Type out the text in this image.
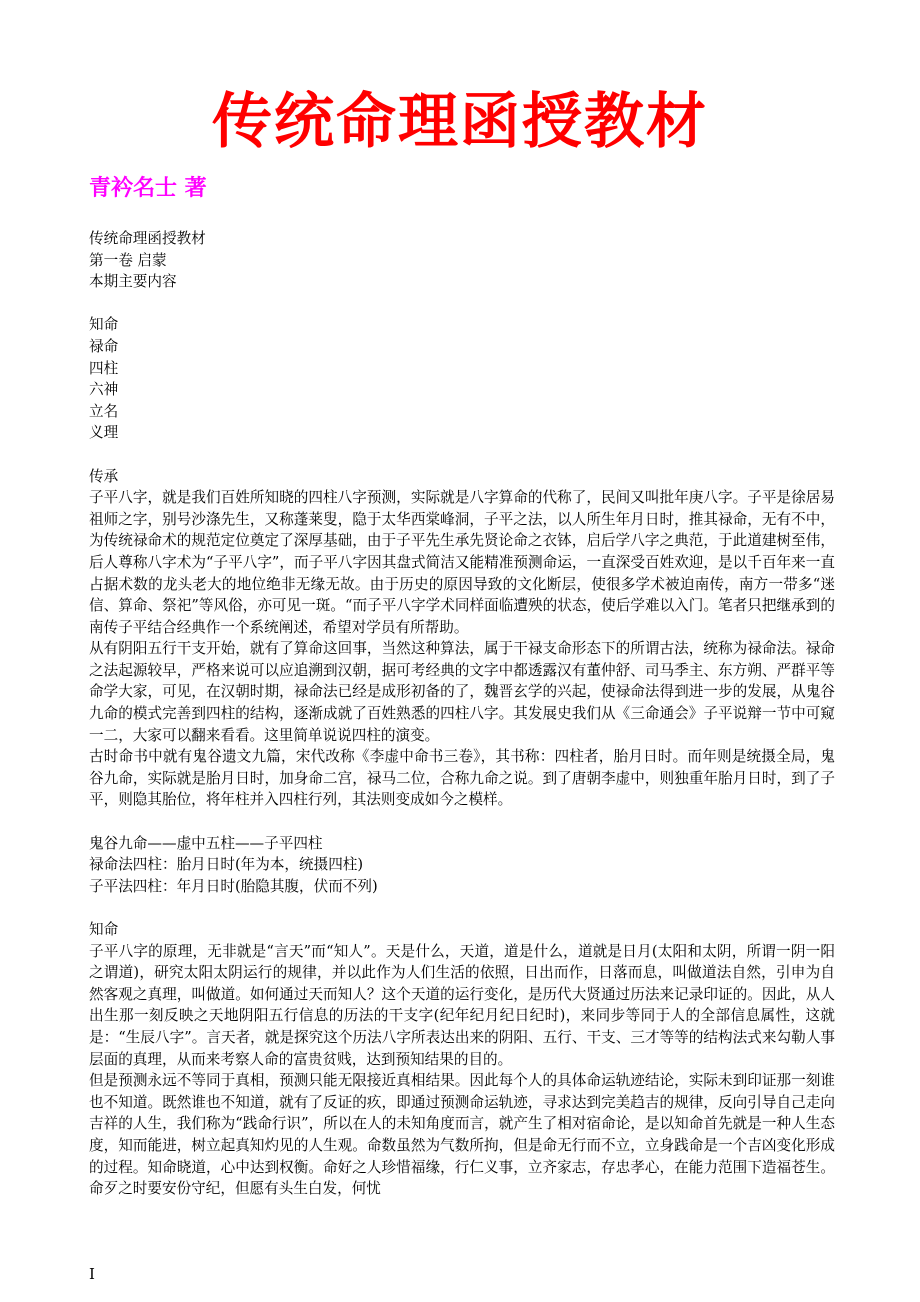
传统命理函授教材
青衿名士 著

传统命理函授教材

第一卷 启蒙

本期主要内容

知命

禄命

四柱

六神

立名

义理

传承

子平八字，就是我们百姓所知晓的四柱八字预测，实际就是八字算命的代称了，民间又叫批年庚八字。子平是徐居易祖师之字，别号沙涤先生，又称蓬莱叟，隐于太华西棠峰洞，子平之法，以人所生年月日时，推其禄命，无有不中，为传统禄命术的规范定位奠定了深厚基础，由于子平先生承先贤论命之衣钵，启后学八字之典范，于此道建树至伟，后人尊称八字术为“子平八字”，而子平八字因其盘式简洁又能精准预测命运，一直深受百姓欢迎，是以千百年来一直占据术数的龙头老大的地位绝非无缘无故。由于历史的原因导致的文化断层，使很多学术被迫南传，南方一带多“迷信、算命、祭祀”等风俗，亦可见一斑。“而子平八字学术同样面临遭殃的状态，使后学难以入门。笔者只把继承到的南传子平结合经典作一个系统阐述，希望对学员有所帮助。

从有阴阳五行干支开始，就有了算命这回事，当然这种算法，属于干禄支命形态下的所谓古法，统称为禄命法。禄命之法起源较早，严格来说可以应追溯到汉朝，据可考经典的文字中都透露汉有董仲舒、司马季主、东方朔、严群平等命学大家，可见，在汉朝时期，禄命法已经是成形初备的了，魏晋玄学的兴起，使禄命法得到进一步的发展，从鬼谷九命的模式完善到四柱的结构，逐渐成就了百姓熟悉的四柱八字。其发展史我们从《三命通会》子平说辩一节中可窥一二，大家可以翻来看看。这里简单说说四柱的演变。

古时命书中就有鬼谷遗文九篇，宋代改称《李虚中命书三卷》，其书称：四柱者，胎月日时。而年则是统摄全局，鬼谷九命，实际就是胎月日时，加身命二宫，禄马二位，合称九命之说。到了唐朝李虚中，则独重年胎月日时，到了子平，则隐其胎位，将年柱并入四柱行列，其法则变成如今之模样。

鬼谷九命——虚中五柱——子平四柱

禄命法四柱：胎月日时(年为本，统摄四柱)

子平法四柱：年月日时(胎隐其腹，伏而不列)

知命

子平八字的原理，无非就是“言天”而“知人”。天是什么，天道，道是什么，道就是日月(太阳和太阴，所谓一阴一阳之谓道)，研究太阳太阴运行的规律，并以此作为人们生活的依照，日出而作，日落而息，叫做道法自然，引申为自然客观之真理，叫做道。如何通过天而知人？这个天道的运行变化，是历代大贤通过历法来记录印证的。因此，从人出生那一刻反映之天地阴阳五行信息的历法的干支字(纪年纪月纪日纪时)，来同步等同于人的全部信息属性，这就是：“生辰八字”。言天者，就是探究这个历法八字所表达出来的阴阳、五行、干支、三才等等的结构法式来勾勒人事层面的真理，从而来考察人命的富贵贫贱，达到预知结果的目的。

但是预测永远不等同于真相，预测只能无限接近真相结果。因此每个人的具体命运轨迹结论，实际未到印证那一刻谁也不知道。既然谁也不知道，就有了反证的疚，即通过预测命运轨迹，寻求达到完美趋吉的规律，反向引导自己走向吉祥的人生，我们称为“践命行识”，所以在人的未知角度而言，就产生了相对宿命论，是以知命首先就是一种人生态度，知而能进，树立起真知灼见的人生观。命数虽然为气数所拘，但是命无行而不立，立身践命是一个吉凶变化形成的过程。知命晓道，心中达到权衡。命好之人珍惜福缘，行仁义事，立齐家志，存忠孝心，在能力范围下造福苍生。命歹之时要安份守纪，但愿有头生白发，何忧

I
